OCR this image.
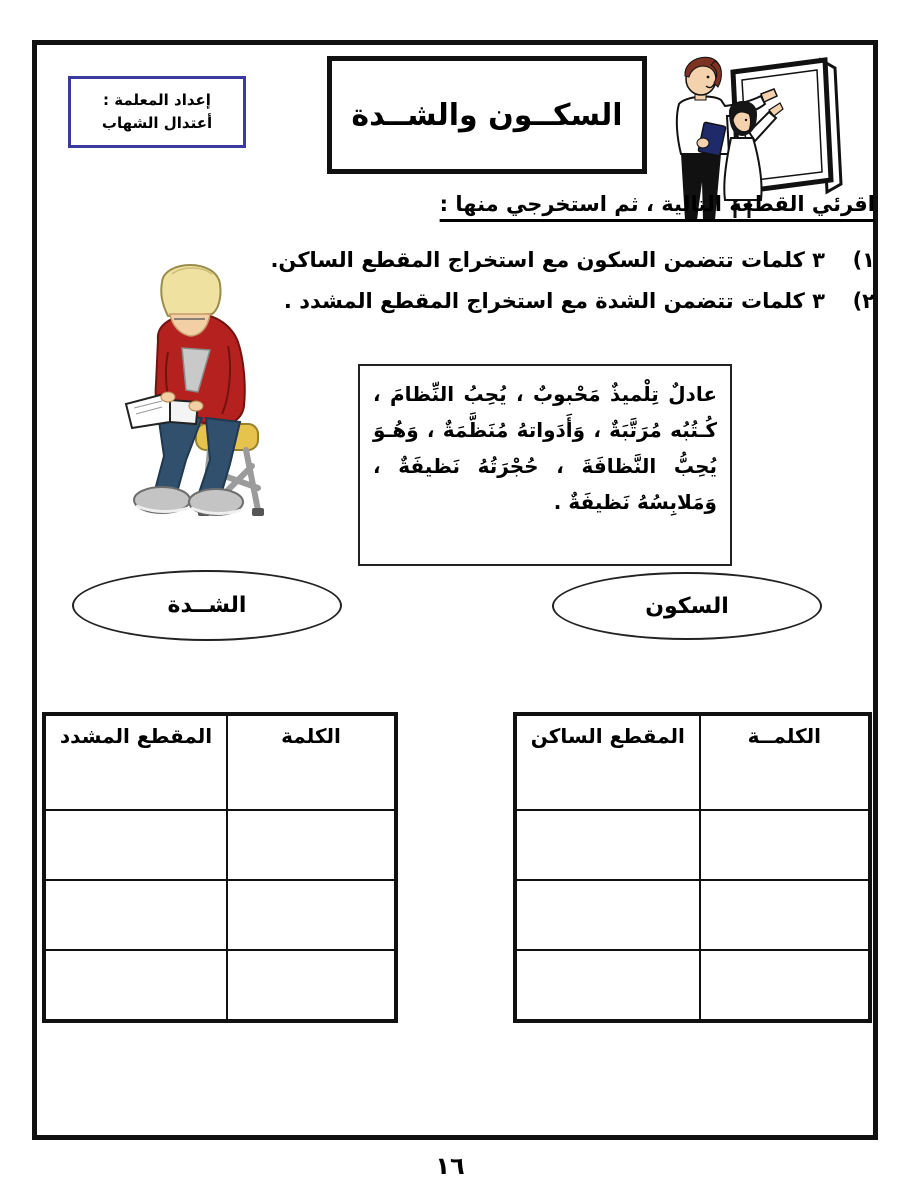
إعداد المعلمة :
أعتدال الشهاب	السكــون والشــدة
اقرئي القطعة التالية ، ثم استخرجي منها :
١)
٣ كلمات تتضمن السكون مع استخراج المقطع الساكن.
٢)
٣ كلمات تتضمن الشدة مع استخراج المقطع المشدد .
عادلٌ تِلْميذٌ مَحْبوبٌ ، يُحِبُ النِّظامَ ، كُـتُبُه مُرَتَّبَةٌ ، وَأَدَواتهُ مُنَظَّمَةٌ ، وَهُـوَ يُحِبُّ النَّظافَةَ ، حُجْرَتُهُ نَظيفَةٌ ، وَمَلابِسُهُ نَظيفَةٌ .
الشــدة	السكون
الكلمة	المقطع المشدد

		الكلمــة	المقطع الساكن

١٦
